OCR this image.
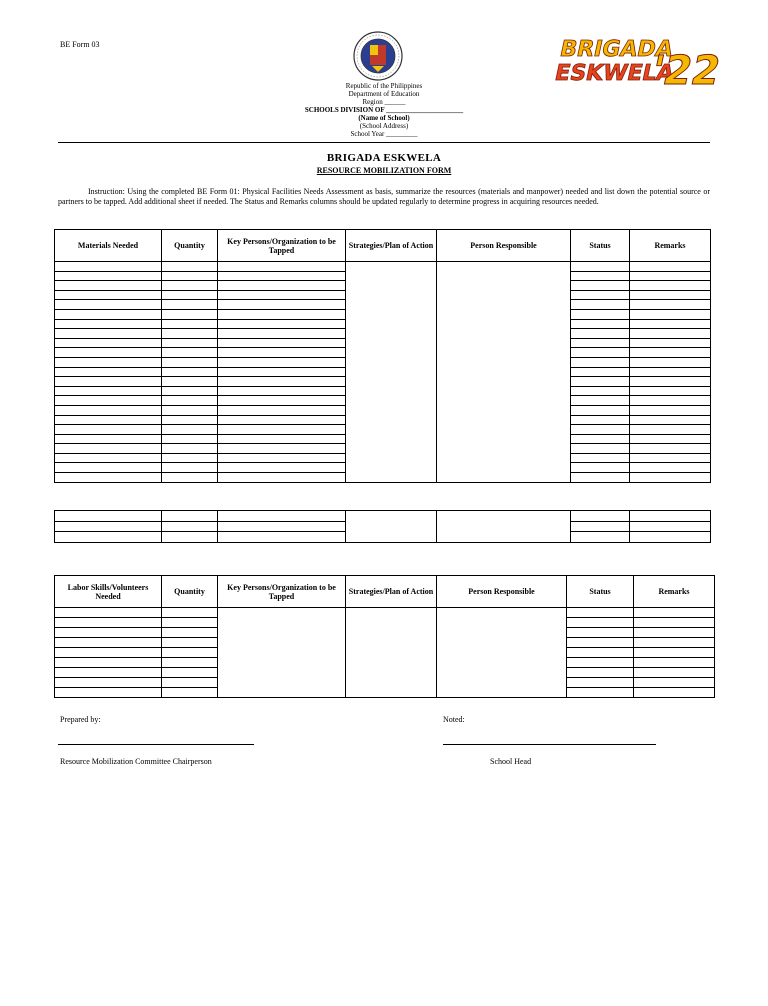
BE Form 03
Republic of the Philippines
Department of Education
Region ______
SCHOOLS DIVISION OF ______________________
(Name of School)
(School Address)
School Year _________
BRIGADA
ESKWELA
'22
BRIGADA ESKWELA
RESOURCE MOBILIZATION FORM
Instruction: Using the completed BE Form 01: Physical Facilities Needs Assessment as basis, summarize the resources (materials and manpower) needed and list down the potential source or partners to be tapped. Add additional sheet if needed. The Status and Remarks columns should be updated regularly to determine progress in acquiring resources needed.
Materials Needed	Quantity	Key Persons/Organization to be Tapped	Strategies/Plan of Action	Person Responsible	Status	Remarks

Labor Skills/Volunteers Needed	Quantity	Key Persons/Organization to be Tapped	Strategies/Plan of Action	Person Responsible	Status	Remarks

Prepared by:	Noted:
Resource Mobilization Committee Chairperson	School Head
